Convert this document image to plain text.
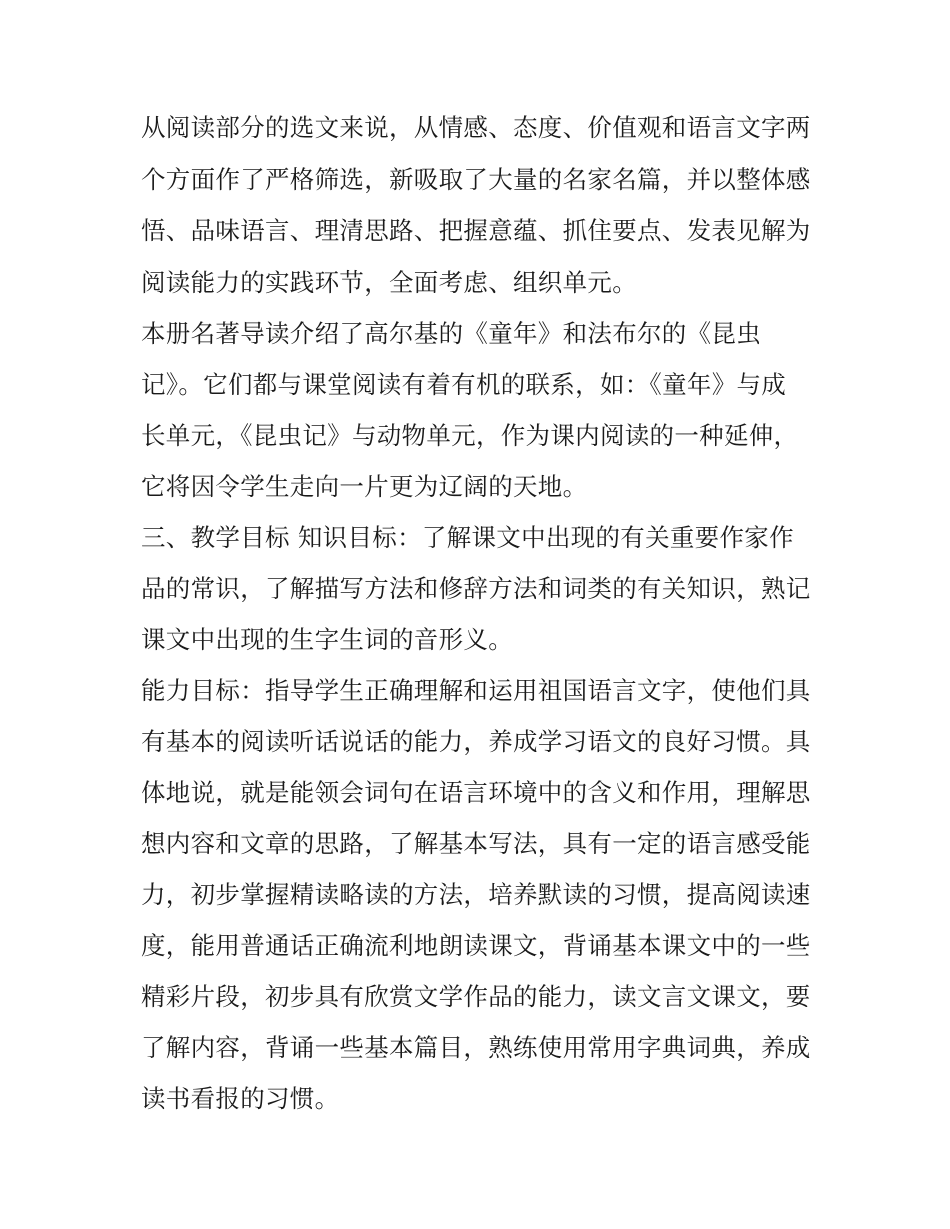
从阅读部分的选文来说，从情感、态度、价值观和语言文字两
个方面作了严格筛选，新吸取了大量的名家名篇，并以整体感
悟、品味语言、理清思路、把握意蕴、抓住要点、发表见解为
阅读能力的实践环节，全面考虑、组织单元。
本册名著导读介绍了高尔基的《童年》和法布尔的《昆虫
记》。它们都与课堂阅读有着有机的联系，如：《童年》与成
长单元，《昆虫记》与动物单元，作为课内阅读的一种延伸，
它将因令学生走向一片更为辽阔的天地。
三、教学目标 知识目标：了解课文中出现的有关重要作家作
品的常识，了解描写方法和修辞方法和词类的有关知识，熟记
课文中出现的生字生词的音形义。
能力目标：指导学生正确理解和运用祖国语言文字，使他们具
有基本的阅读听话说话的能力，养成学习语文的良好习惯。具
体地说，就是能领会词句在语言环境中的含义和作用，理解思
想内容和文章的思路，了解基本写法，具有一定的语言感受能
力，初步掌握精读略读的方法，培养默读的习惯，提高阅读速
度，能用普通话正确流利地朗读课文，背诵基本课文中的一些
精彩片段，初步具有欣赏文学作品的能力，读文言文课文，要
了解内容，背诵一些基本篇目，熟练使用常用字典词典，养成
读书看报的习惯。
